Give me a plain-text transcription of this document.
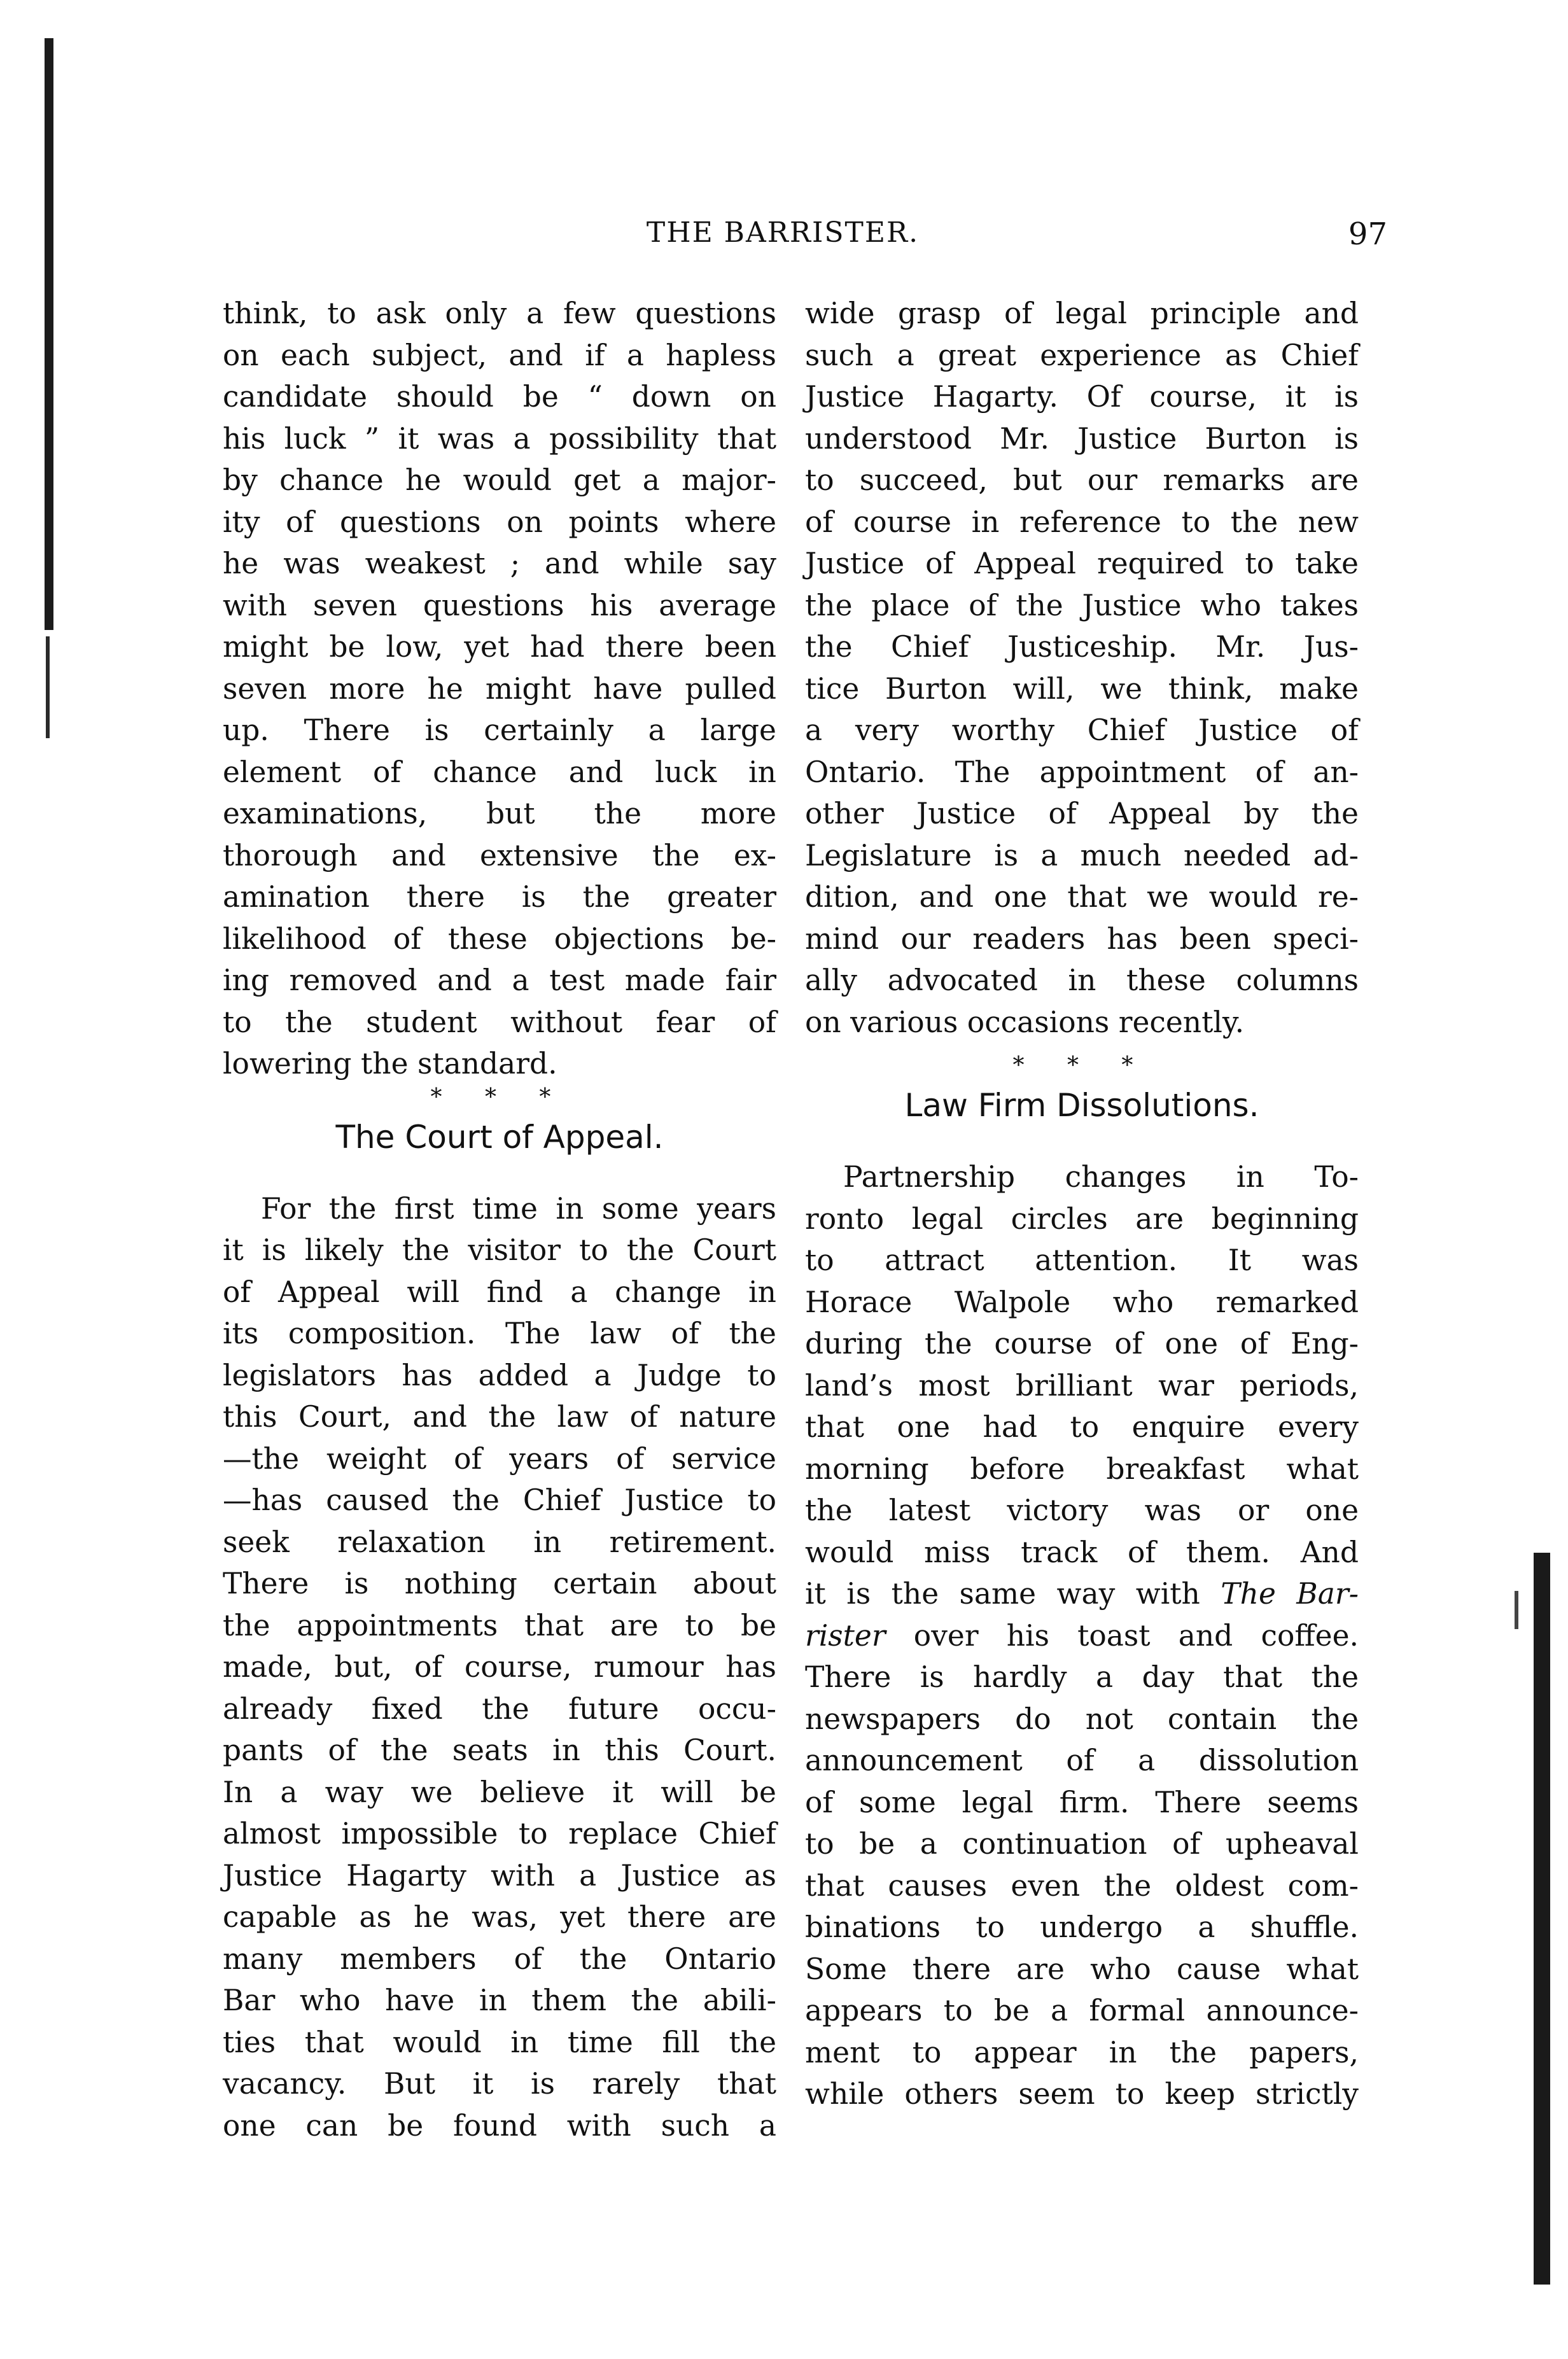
THE BARRISTER.	97
think, to ask only a few questions
on each subject, and if a hapless
candidate should be “ down on
his luck ” it was a possibility that
by chance he would get a major-
ity of questions on points where
he was weakest ; and while say
with seven questions his average
might be low, yet had there been
seven more he might have pulled
up. There is certainly a large
element of chance and luck in
examinations, but the more
thorough and extensive the ex-
amination there is the greater
likelihood of these objections be-
ing removed and a test made fair
to the student without fear of
lowering the standard.
* * *
The Court of Appeal.
For the first time in some years
it is likely the visitor to the Court
of Appeal will find a change in
its composition. The law of the
legislators has added a Judge to
this Court, and the law of nature
—the weight of years of service
—has caused the Chief Justice to
seek relaxation in retirement.
There is nothing certain about
the appointments that are to be
made, but, of course, rumour has
already fixed the future occu-
pants of the seats in this Court.
In a way we believe it will be
almost impossible to replace Chief
Justice Hagarty with a Justice as
capable as he was, yet there are
many members of the Ontario
Bar who have in them the abili-
ties that would in time fill the
vacancy. But it is rarely that
one can be found with such a
wide grasp of legal principle and
such a great experience as Chief
Justice Hagarty. Of course, it is
understood Mr. Justice Burton is
to succeed, but our remarks are
of course in reference to the new
Justice of Appeal required to take
the place of the Justice who takes
the Chief Justiceship. Mr. Jus-
tice Burton will, we think, make
a very worthy Chief Justice of
Ontario. The appointment of an-
other Justice of Appeal by the
Legislature is a much needed ad-
dition, and one that we would re-
mind our readers has been speci-
ally advocated in these columns
on various occasions recently.
* * *
Law Firm Dissolutions.
Partnership changes in To-
ronto legal circles are beginning
to attract attention. It was
Horace Walpole who remarked
during the course of one of Eng-
land’s most brilliant war periods,
that one had to enquire every
morning before breakfast what
the latest victory was or one
would miss track of them. And
it is the same way with The Bar-
rister over his toast and coffee.
There is hardly a day that the
newspapers do not contain the
announcement of a dissolution
of some legal firm. There seems
to be a continuation of upheaval
that causes even the oldest com-
binations to undergo a shuffle.
Some there are who cause what
appears to be a formal announce-
ment to appear in the papers,
while others seem to keep strictly
